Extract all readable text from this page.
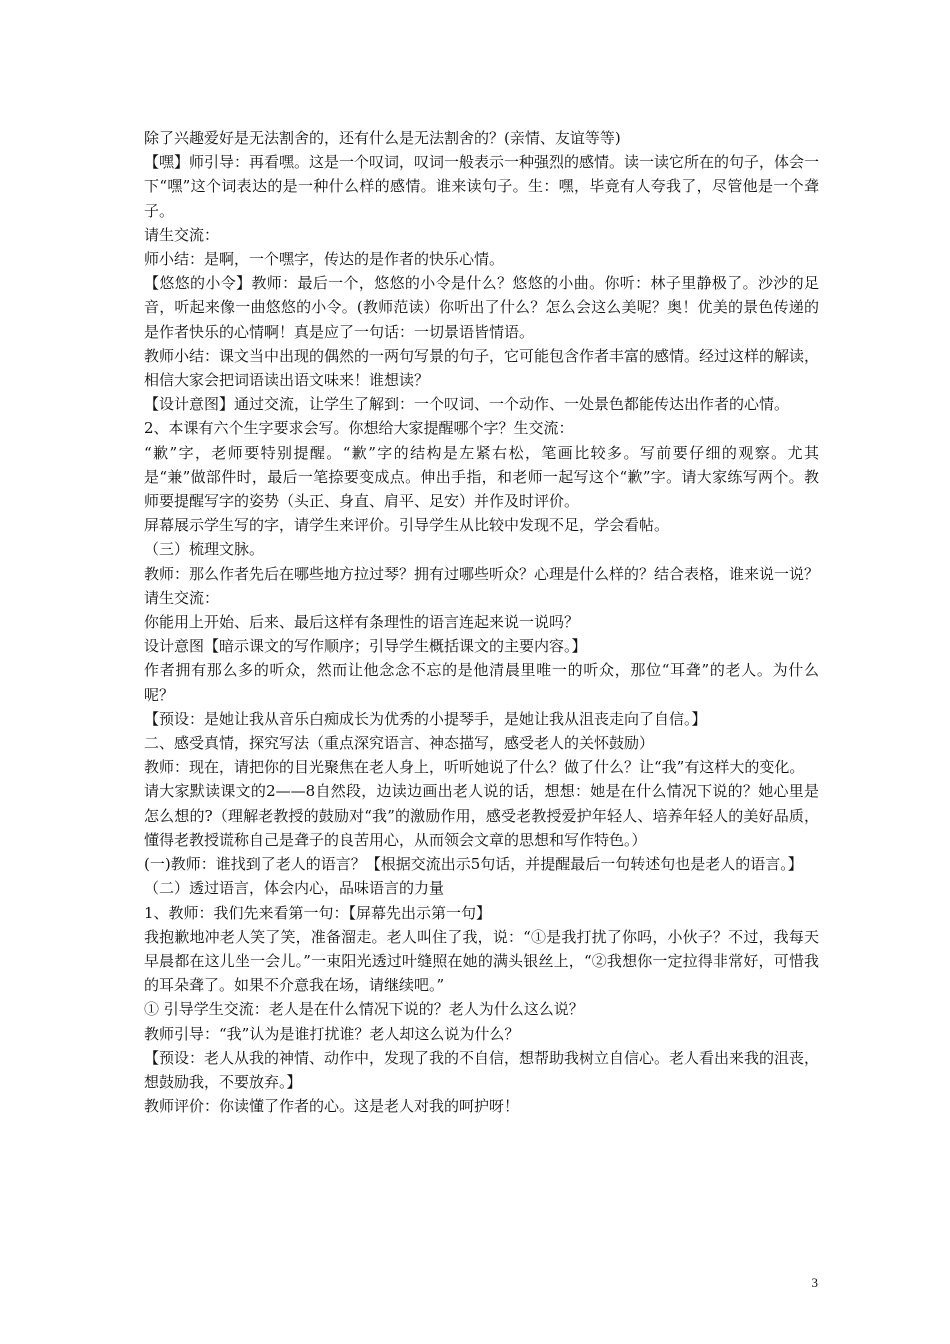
除了兴趣爱好是无法割舍的，还有什么是无法割舍的？(亲情、友谊等等)

【嘿】师引导：再看嘿。这是一个叹词，叹词一般表示一种强烈的感情。读一读它所在的句子，体会一下“嘿”这个词表达的是一种什么样的感情。谁来读句子。生：嘿，毕竟有人夸我了，尽管他是一个聋子。

请生交流：

师小结：是啊，一个嘿字，传达的是作者的快乐心情。

【悠悠的小令】教师：最后一个，悠悠的小令是什么？悠悠的小曲。你听：林子里静极了。沙沙的足音，听起来像一曲悠悠的小令。(教师范读）你听出了什么？怎么会这么美呢？奥！优美的景色传递的是作者快乐的心情啊！真是应了一句话：一切景语皆情语。

教师小结：课文当中出现的偶然的一两句写景的句子，它可能包含作者丰富的感情。经过这样的解读，相信大家会把词语读出语文味来！谁想读？

【设计意图】通过交流，让学生了解到：一个叹词、一个动作、一处景色都能传达出作者的心情。

2、本课有六个生字要求会写。你想给大家提醒哪个字？生交流：

“歉”字，老师要特别提醒。“歉”字的结构是左紧右松，笔画比较多。写前要仔细的观察。尤其是“兼”做部件时，最后一笔捺要变成点。伸出手指，和老师一起写这个“歉”字。请大家练写两个。教师要提醒写字的姿势（头正、身直、肩平、足安）并作及时评价。

屏幕展示学生写的字，请学生来评价。引导学生从比较中发现不足，学会看帖。

（三）梳理文脉。

教师：那么作者先后在哪些地方拉过琴？拥有过哪些听众？心理是什么样的？结合表格，谁来说一说？请生交流：

你能用上开始、后来、最后这样有条理性的语言连起来说一说吗？

设计意图【暗示课文的写作顺序；引导学生概括课文的主要内容。】

作者拥有那么多的听众，然而让他念念不忘的是他清晨里唯一的听众，那位“耳聋”的老人。为什么呢？

【预设：是她让我从音乐白痴成长为优秀的小提琴手，是她让我从沮丧走向了自信。】

二、感受真情，探究写法（重点深究语言、神态描写，感受老人的关怀鼓励）

教师：现在，请把你的目光聚焦在老人身上，听听她说了什么？做了什么？让“我”有这样大的变化。

请大家默读课文的2——8自然段，边读边画出老人说的话，想想：她是在什么情况下说的？她心里是怎么想的?（理解老教授的鼓励对“我”的激励作用，感受老教授爱护年轻人、培养年轻人的美好品质，懂得老教授谎称自己是聋子的良苦用心，从而领会文章的思想和写作特色。）

(一)教师：谁找到了老人的语言？【根据交流出示5句话，并提醒最后一句转述句也是老人的语言。】

（二）透过语言，体会内心，品味语言的力量

1、教师：我们先来看第一句：【屏幕先出示第一句】

我抱歉地冲老人笑了笑，准备溜走。老人叫住了我，说：“①是我打扰了你吗，小伙子？不过，我每天早晨都在这儿坐一会儿。”一束阳光透过叶缝照在她的满头银丝上，“②我想你一定拉得非常好，可惜我的耳朵聋了。如果不介意我在场，请继续吧。”

① 引导学生交流：老人是在什么情况下说的？老人为什么这么说？

教师引导：“我”认为是谁打扰谁？老人却这么说为什么？

【预设：老人从我的神情、动作中，发现了我的不自信，想帮助我树立自信心。老人看出来我的沮丧，想鼓励我，不要放弃。】

教师评价：你读懂了作者的心。这是老人对我的呵护呀！

3
